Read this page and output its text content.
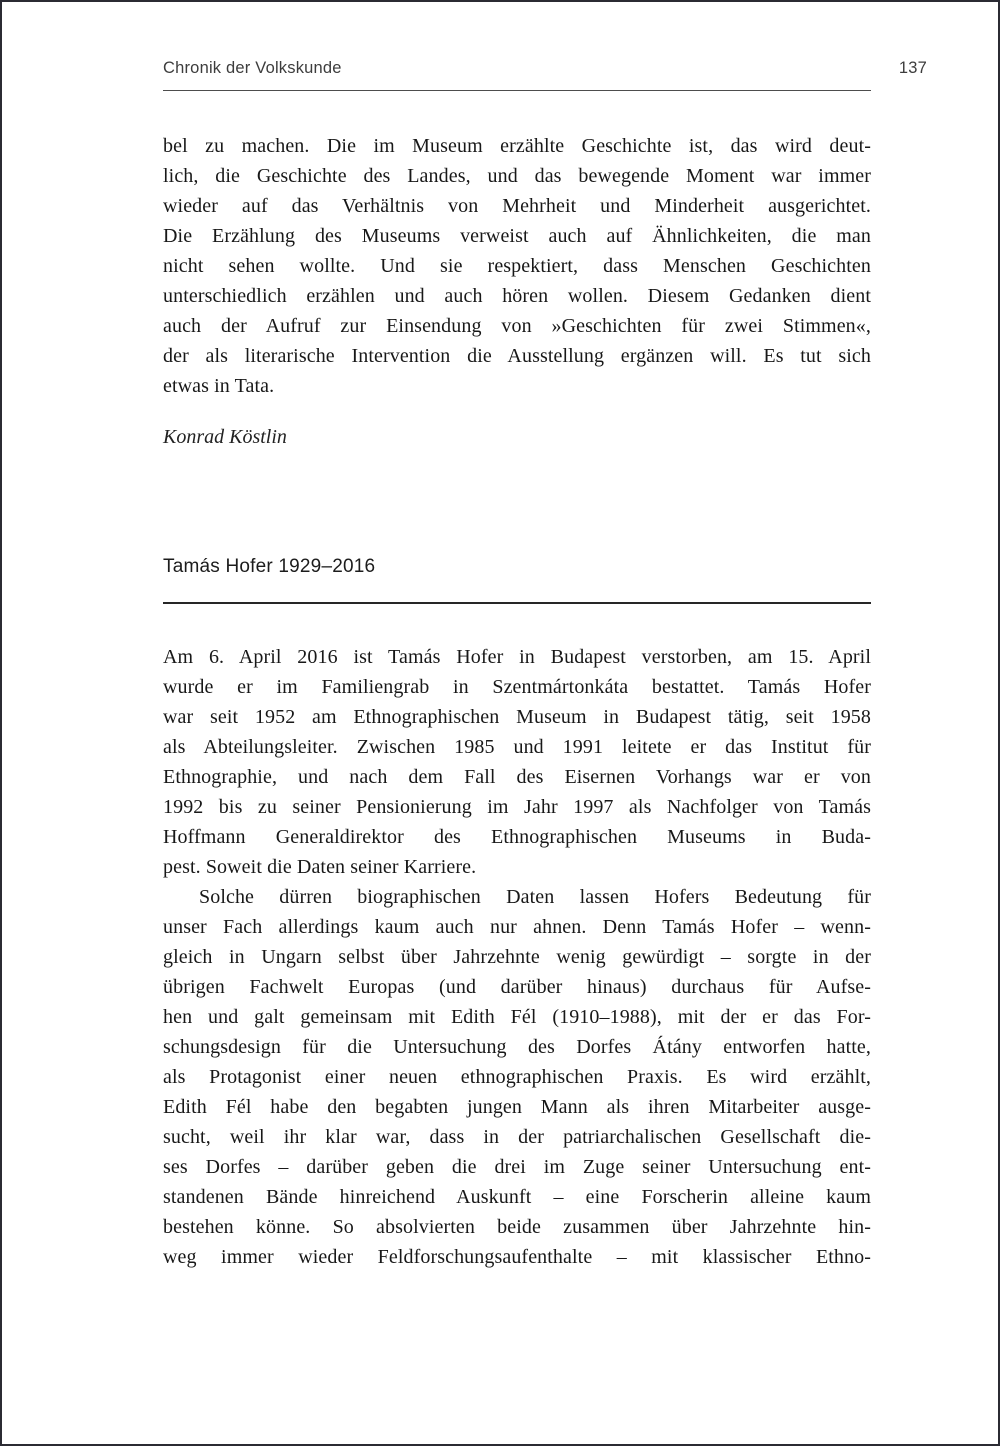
Chronik der Volkskunde	137
bel zu machen. Die im Museum erzählte Geschichte ist, das wird deut-
lich, die Geschichte des Landes, und das bewegende Moment war immer
wieder auf das Verhältnis von Mehrheit und Minderheit ausgerichtet.
Die Erzählung des Museums verweist auch auf Ähnlichkeiten, die man
nicht sehen wollte. Und sie respektiert, dass Menschen Geschichten
unterschiedlich erzählen und auch hören wollen. Diesem Gedanken dient
auch der Aufruf zur Einsendung von »Geschichten für zwei Stimmen«,
der als literarische Intervention die Ausstellung ergänzen will. Es tut sich
etwas in Tata.
Konrad Köstlin
Tamás Hofer 1929–2016
Am 6. April 2016 ist Tamás Hofer in Budapest verstorben, am 15. April
wurde er im Familiengrab in Szentmártonkáta bestattet. Tamás Hofer
war seit 1952 am Ethnographischen Museum in Budapest tätig, seit 1958
als Abteilungsleiter. Zwischen 1985 und 1991 leitete er das Institut für
Ethnographie, und nach dem Fall des Eisernen Vorhangs war er von
1992 bis zu seiner Pensionierung im Jahr 1997 als Nachfolger von Tamás
Hoffmann Generaldirektor des Ethnographischen Museums in Buda-
pest. Soweit die Daten seiner Karriere.
Solche dürren biographischen Daten lassen Hofers Bedeutung für
unser Fach allerdings kaum auch nur ahnen. Denn Tamás Hofer – wenn-
gleich in Ungarn selbst über Jahrzehnte wenig gewürdigt – sorgte in der
übrigen Fachwelt Europas (und darüber hinaus) durchaus für Aufse-
hen und galt gemeinsam mit Edith Fél (1910–1988), mit der er das For-
schungsdesign für die Untersuchung des Dorfes Átány entworfen hatte,
als Protagonist einer neuen ethnographischen Praxis. Es wird erzählt,
Edith Fél habe den begabten jungen Mann als ihren Mitarbeiter ausge-
sucht, weil ihr klar war, dass in der patriarchalischen Gesellschaft die-
ses Dorfes – darüber geben die drei im Zuge seiner Untersuchung ent-
standenen Bände hinreichend Auskunft – eine Forscherin alleine kaum
bestehen könne. So absolvierten beide zusammen über Jahrzehnte hin-
weg immer wieder Feldforschungsaufenthalte – mit klassischer Ethno-
